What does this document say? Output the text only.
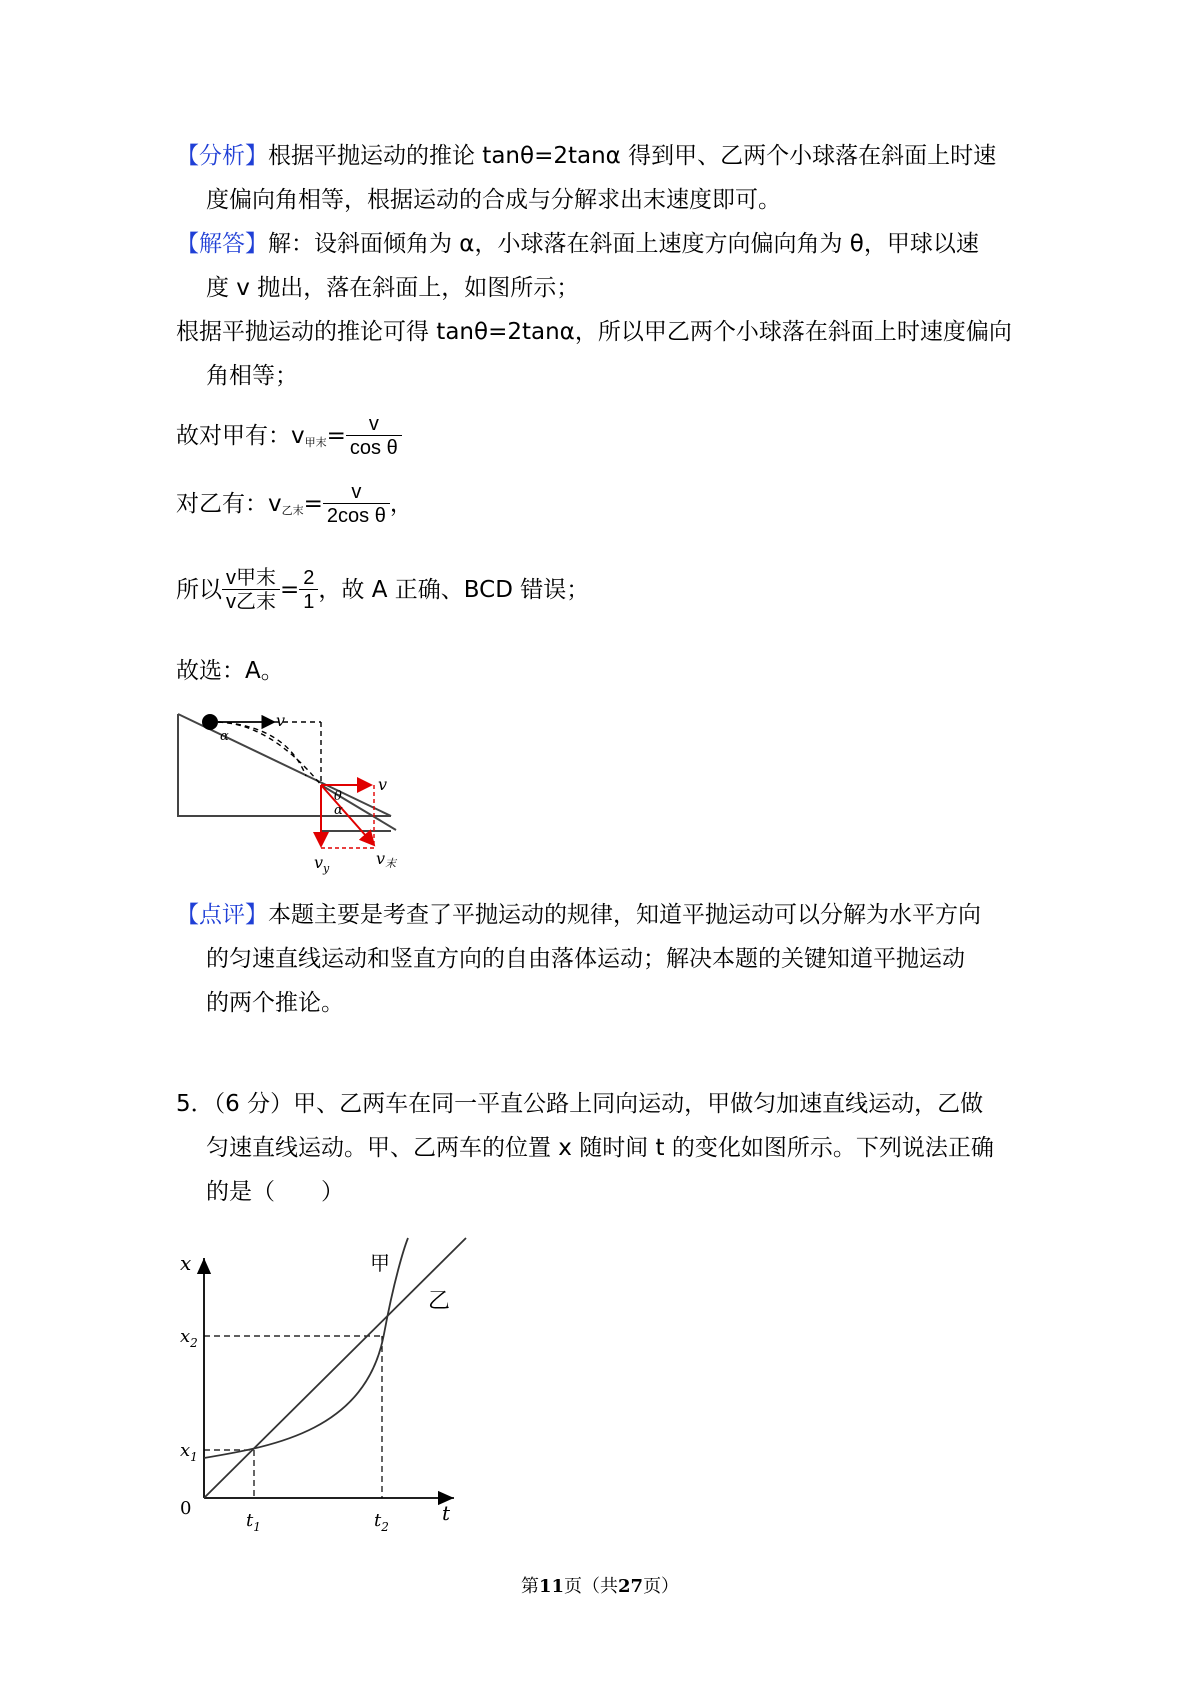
【分析】根据平抛运动的推论 tanθ=2tanα 得到甲、乙两个小球落在斜面上时速
度偏向角相等，根据运动的合成与分解求出末速度即可。
【解答】解：设斜面倾角为 α，小球落在斜面上速度方向偏向角为 θ，甲球以速
度 v 抛出，落在斜面上，如图所示；
根据平抛运动的推论可得 tanθ=2tanα，所以甲乙两个小球落在斜面上时速度偏向
角相等；
故对甲有：$v_{甲末}= \frac{v}{\text{cos θ}}$
对乙有：$v_{乙末}= \frac{v}{\text{2cos θ}}$ ，
所以 $\frac{\text{v甲末}}{\text{v乙末}} = \frac{2}{1}$ ，故 A 正确、BCD 错误；
故选：A。
v
α
v
θ
α
$v_y$
v末
【点评】本题主要是考查了平抛运动的规律，知道平抛运动可以分解为水平方向
的匀速直线运动和竖直方向的自由落体运动；解决本题的关键知道平抛运动
的两个推论。
5．（6 分）甲、乙两车在同一平直公路上同向运动，甲做匀加速直线运动，乙做
匀速直线运动。甲、乙两车的位置 x 随时间 t 的变化如图所示。下列说法正确
的是（　　）
x
t
0
$x_2$
$x_1$
$t_1$	$t_2$
甲
乙
第11页（共27页）
